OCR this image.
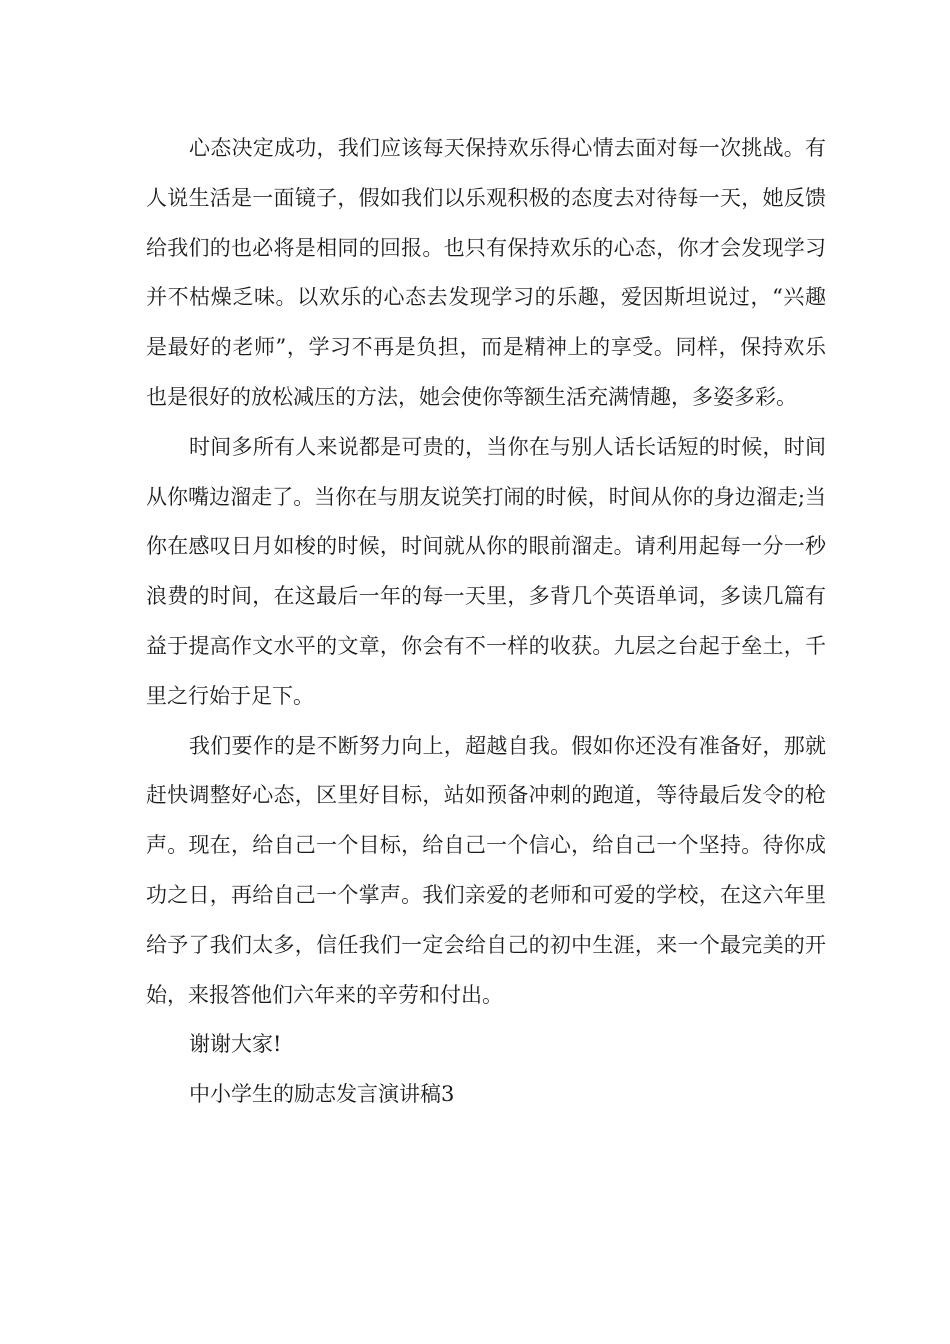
心态决定成功，我们应该每天保持欢乐得心情去面对每一次挑战。有人说生活是一面镜子，假如我们以乐观积极的态度去对待每一天，她反馈给我们的也必将是相同的回报。也只有保持欢乐的心态，你才会发现学习并不枯燥乏味。以欢乐的心态去发现学习的乐趣，爱因斯坦说过，“兴趣是最好的老师”，学习不再是负担，而是精神上的享受。同样，保持欢乐也是很好的放松减压的方法，她会使你等额生活充满情趣，多姿多彩。

时间多所有人来说都是可贵的，当你在与别人话长话短的时候，时间从你嘴边溜走了。当你在与朋友说笑打闹的时候，时间从你的身边溜走;当你在感叹日月如梭的时候，时间就从你的眼前溜走。请利用起每一分一秒浪费的时间，在这最后一年的每一天里，多背几个英语单词，多读几篇有益于提高作文水平的文章，你会有不一样的收获。九层之台起于垒土，千里之行始于足下。

我们要作的是不断努力向上，超越自我。假如你还没有准备好，那就赶快调整好心态，区里好目标，站如预备冲刺的跑道，等待最后发令的枪声。现在，给自己一个目标，给自己一个信心，给自己一个坚持。待你成功之日，再给自己一个掌声。我们亲爱的老师和可爱的学校，在这六年里给予了我们太多，信任我们一定会给自己的初中生涯，来一个最完美的开始，来报答他们六年来的辛劳和付出。

谢谢大家!

中小学生的励志发言演讲稿3
